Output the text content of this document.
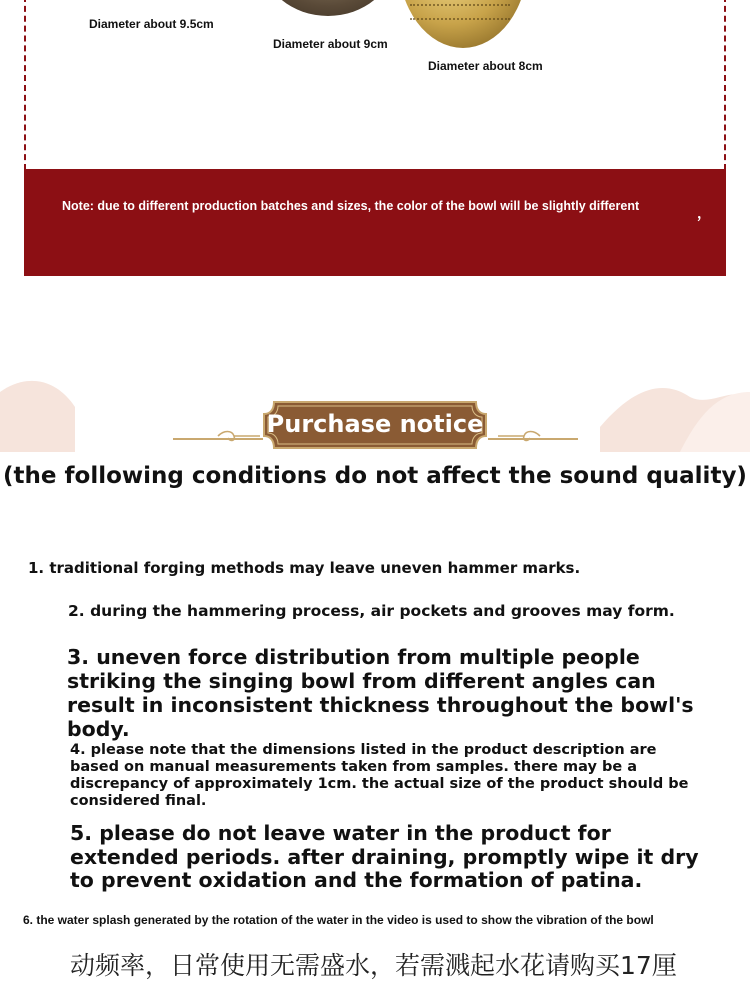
Diameter about 9.5cm
Diameter about 9cm
Diameter about 8cm
Note: due to different production batches and sizes, the color of the bowl will be slightly different	，
Purchase notice
(the following conditions do not affect the sound quality)
1. traditional forging methods may leave uneven hammer marks.
2. during the hammering process, air pockets and grooves may form.
3. uneven force distribution from multiple people striking the singing bowl from different angles can result in inconsistent thickness throughout the bowl's body.
4. please note that the dimensions listed in the product description are based on manual measurements taken from samples. there may be a discrepancy of approximately 1cm. the actual size of the product should be considered final.
5. please do not leave water in the product for extended periods. after draining, promptly wipe it dry to prevent oxidation and the formation of patina.
6. the water splash generated by the rotation of the water in the video is used to show the vibration of the bowl
动频率，日常使用无需盛水，若需溅起水花请购买17厘
